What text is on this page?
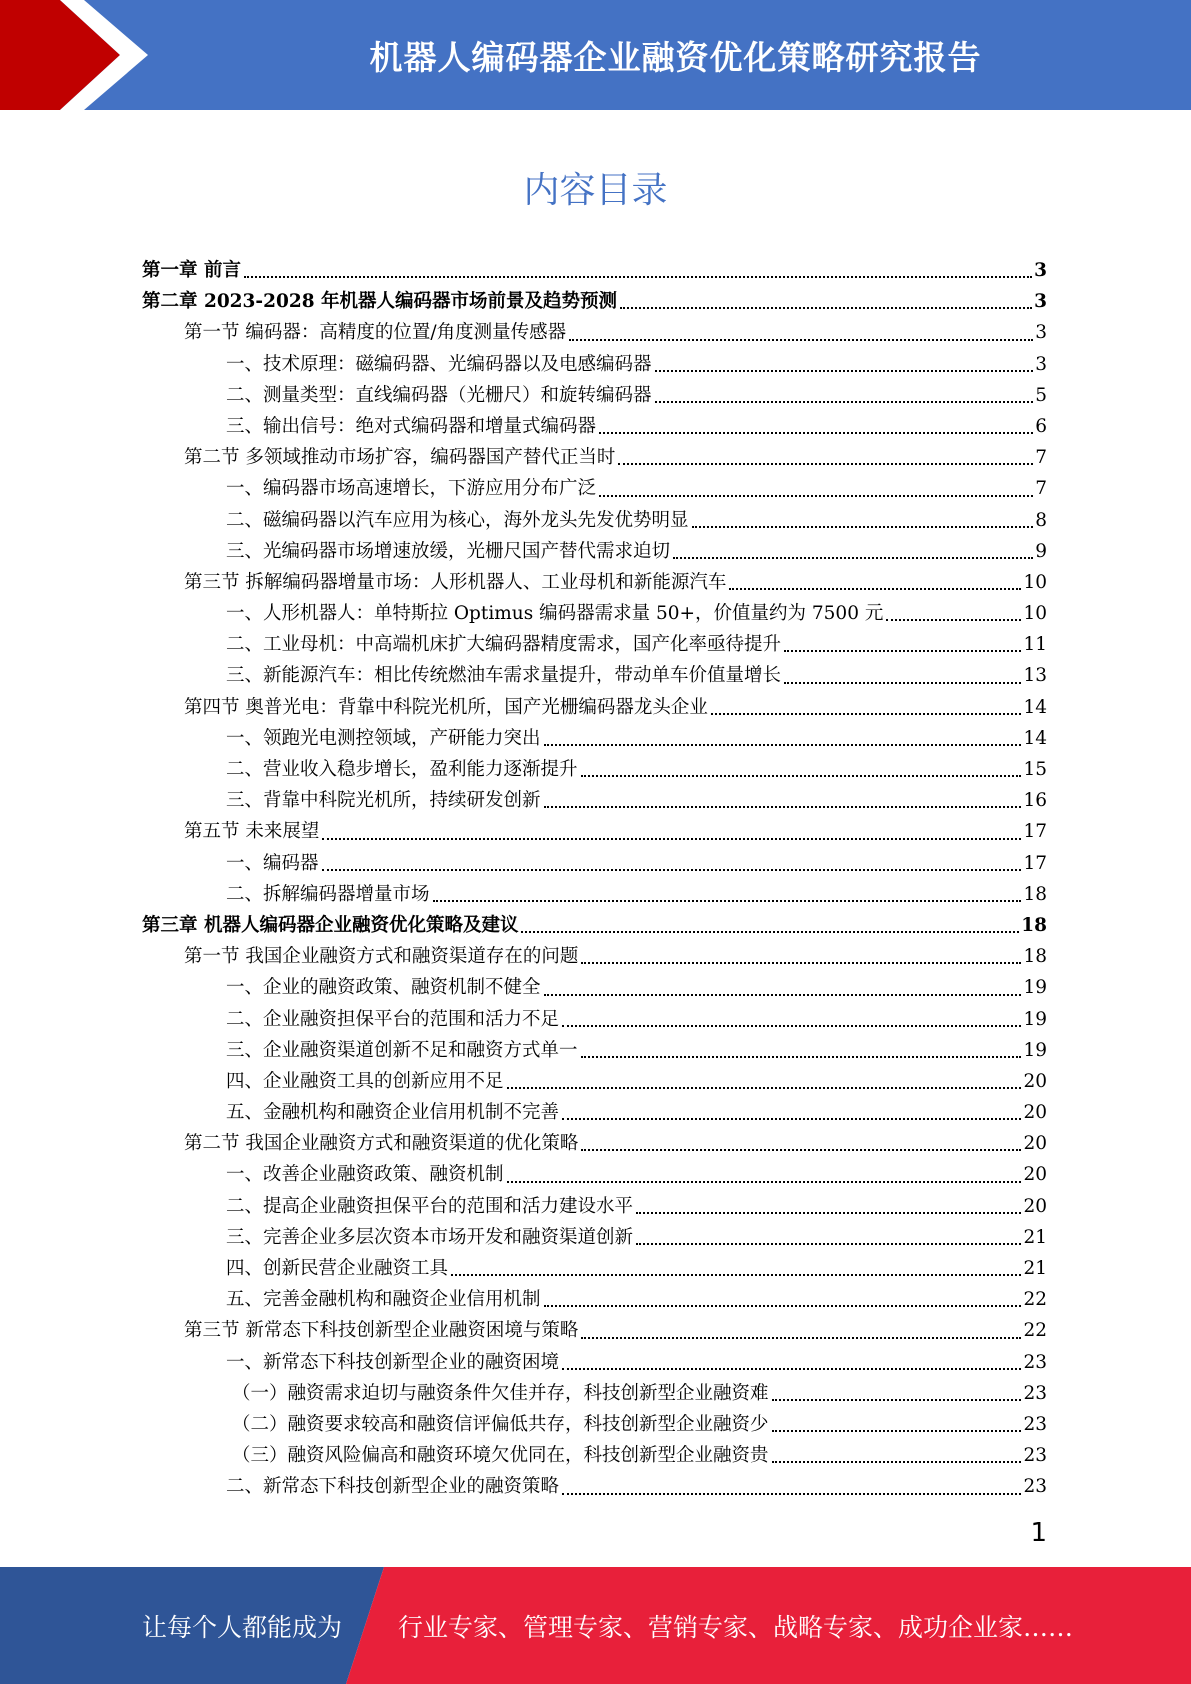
机器人编码器企业融资优化策略研究报告
内容目录
第一章 前言	3
第二章 2023-2028 年机器人编码器市场前景及趋势预测	3
第一节 编码器：高精度的位置/角度测量传感器	3
一、技术原理：磁编码器、光编码器以及电感编码器	3
二、测量类型：直线编码器（光栅尺）和旋转编码器	5
三、输出信号：绝对式编码器和增量式编码器	6
第二节 多领域推动市场扩容，编码器国产替代正当时	7
一、编码器市场高速增长，下游应用分布广泛	7
二、磁编码器以汽车应用为核心，海外龙头先发优势明显	8
三、光编码器市场增速放缓，光栅尺国产替代需求迫切	9
第三节 拆解编码器增量市场：人形机器人、工业母机和新能源汽车	10
一、人形机器人：单特斯拉 Optimus 编码器需求量 50+，价值量约为 7500 元	10
二、工业母机：中高端机床扩大编码器精度需求，国产化率亟待提升	11
三、新能源汽车：相比传统燃油车需求量提升，带动单车价值量增长	13
第四节 奥普光电：背靠中科院光机所，国产光栅编码器龙头企业	14
一、领跑光电测控领域，产研能力突出	14
二、营业收入稳步增长，盈利能力逐渐提升	15
三、背靠中科院光机所，持续研发创新	16
第五节 未来展望	17
一、编码器	17
二、拆解编码器增量市场	18
第三章 机器人编码器企业融资优化策略及建议	18
第一节 我国企业融资方式和融资渠道存在的问题	18
一、企业的融资政策、融资机制不健全	19
二、企业融资担保平台的范围和活力不足	19
三、企业融资渠道创新不足和融资方式单一	19
四、企业融资工具的创新应用不足	20
五、金融机构和融资企业信用机制不完善	20
第二节 我国企业融资方式和融资渠道的优化策略	20
一、改善企业融资政策、融资机制	20
二、提高企业融资担保平台的范围和活力建设水平	20
三、完善企业多层次资本市场开发和融资渠道创新	21
四、创新民营企业融资工具	21
五、完善金融机构和融资企业信用机制	22
第三节 新常态下科技创新型企业融资困境与策略	22
一、新常态下科技创新型企业的融资困境	23
（一）融资需求迫切与融资条件欠佳并存，科技创新型企业融资难	23
（二）融资要求较高和融资信评偏低共存，科技创新型企业融资少	23
（三）融资风险偏高和融资环境欠优同在，科技创新型企业融资贵	23
二、新常态下科技创新型企业的融资策略	23
1
让每个人都能成为 行业专家、管理专家、营销专家、战略专家、成功企业家……
